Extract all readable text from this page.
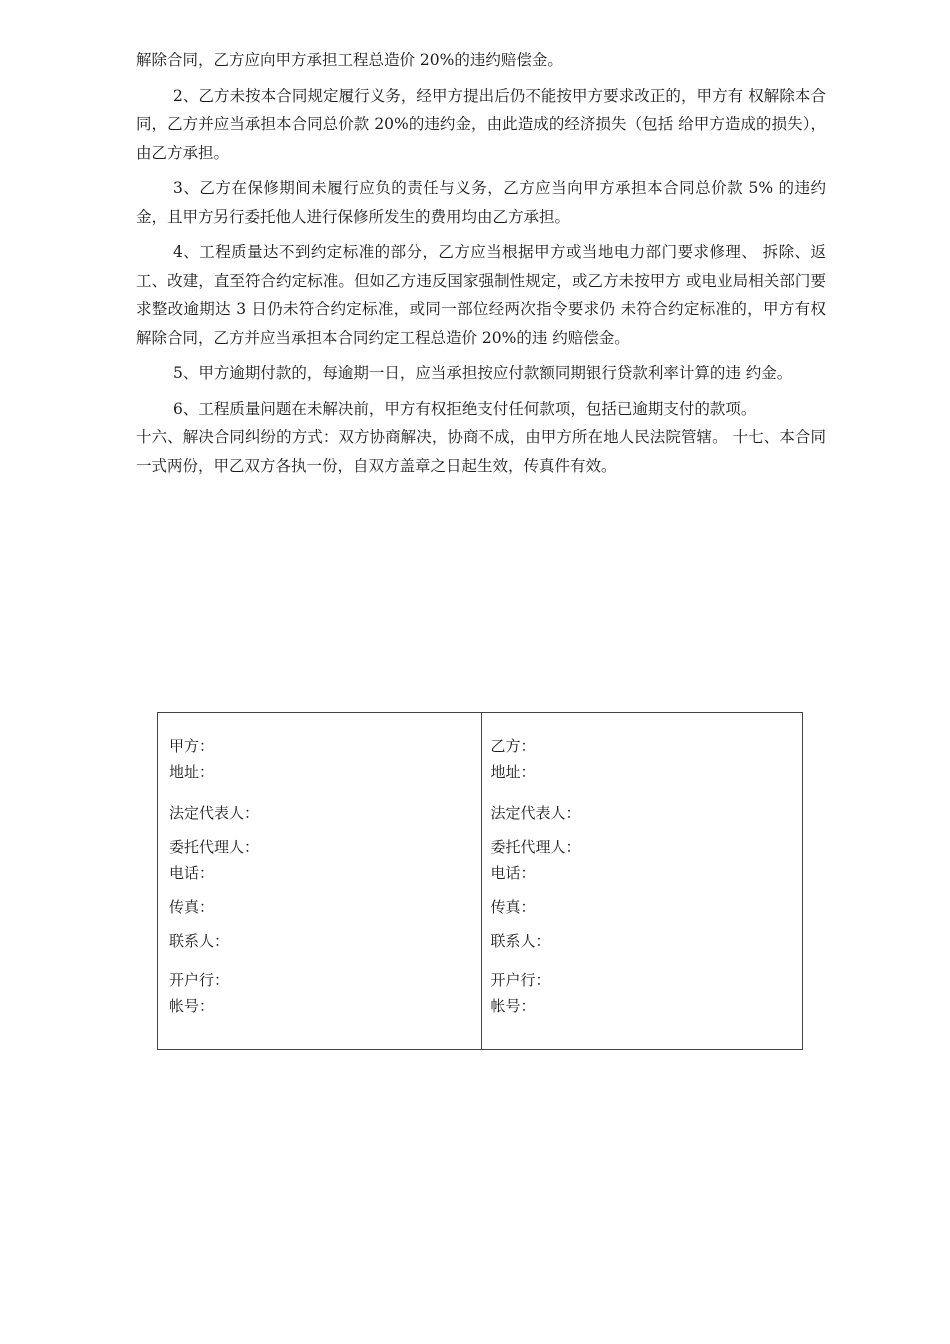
解除合同，乙方应向甲方承担工程总造价 20%的违约赔偿金。

2、乙方未按本合同规定履行义务，经甲方提出后仍不能按甲方要求改正的，甲方有 权解除本合同，乙方并应当承担本合同总价款 20%的违约金，由此造成的经济损失（包括 给甲方造成的损失），由乙方承担。

3、乙方在保修期间未履行应负的责任与义务，乙方应当向甲方承担本合同总价款 5% 的违约金，且甲方另行委托他人进行保修所发生的费用均由乙方承担。

4、工程质量达不到约定标准的部分，乙方应当根据甲方或当地电力部门要求修理、 拆除、返工、改建，直至符合约定标准。但如乙方违反国家强制性规定，或乙方未按甲方 或电业局相关部门要求整改逾期达 3 日仍未符合约定标准，或同一部位经两次指令要求仍 未符合约定标准的，甲方有权解除合同，乙方并应当承担本合同约定工程总造价 20%的违 约赔偿金。

5、甲方逾期付款的，每逾期一日，应当承担按应付款额同期银行贷款利率计算的违 约金。

6、工程质量问题在未解决前，甲方有权拒绝支付任何款项，包括已逾期支付的款项。

十六、解决合同纠纷的方式：双方协商解决，协商不成，由甲方所在地人民法院管辖。 十七、本合同一式两份，甲乙双方各执一份，自双方盖章之日起生效，传真件有效。

甲方：
地址：
法定代表人：
委托代理人：
电话：
传真：
联系人：
开户行：
帐号：
乙方：
地址：
法定代表人：
委托代理人：
电话：
传真：
联系人：
开户行：
帐号：
